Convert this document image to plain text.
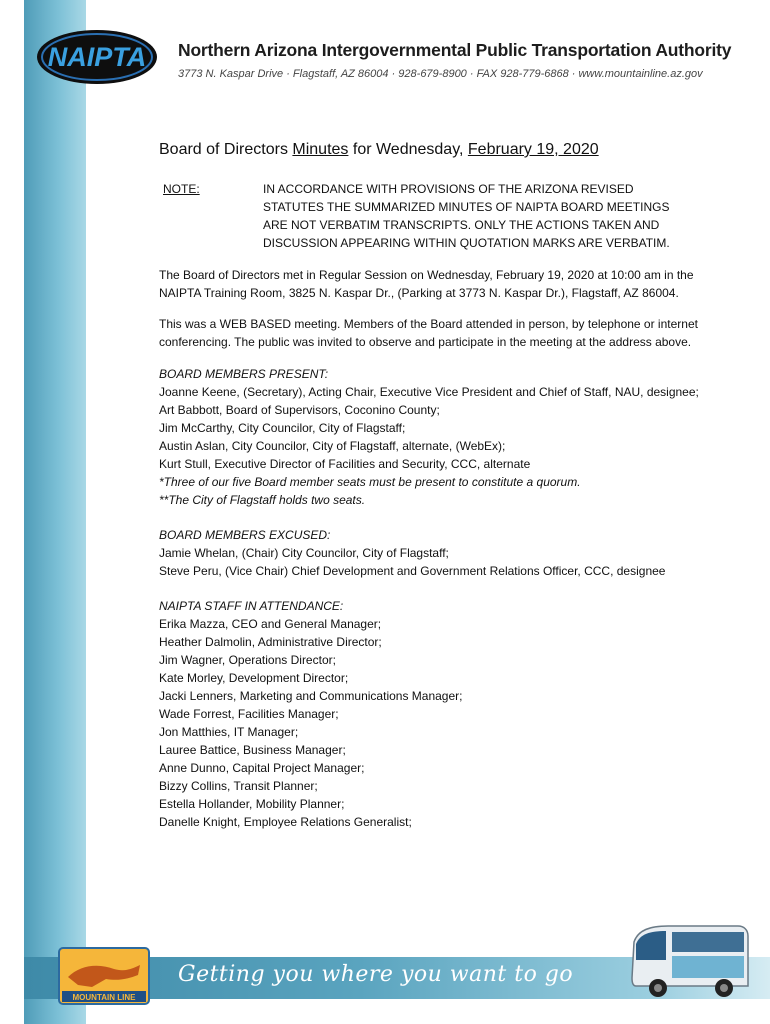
NAIPTA Northern Arizona Intergovernmental Public Transportation Authority
3773 N. Kaspar Drive · Flagstaff, AZ 86004 · 928-679-8900 · FAX 928-779-6868 · www.mountainline.az.gov
Board of Directors Minutes for Wednesday, February 19, 2020
NOTE:	IN ACCORDANCE WITH PROVISIONS OF THE ARIZONA REVISED STATUTES THE SUMMARIZED MINUTES OF NAIPTA BOARD MEETINGS ARE NOT VERBATIM TRANSCRIPTS. ONLY THE ACTIONS TAKEN AND DISCUSSION APPEARING WITHIN QUOTATION MARKS ARE VERBATIM.

The Board of Directors met in Regular Session on Wednesday, February 19, 2020 at 10:00 am in the NAIPTA Training Room, 3825 N. Kaspar Dr., (Parking at 3773 N. Kaspar Dr.), Flagstaff, AZ 86004.

This was a WEB BASED meeting. Members of the Board attended in person, by telephone or internet conferencing. The public was invited to observe and participate in the meeting at the address above.

BOARD MEMBERS PRESENT:
Joanne Keene, (Secretary), Acting Chair, Executive Vice President and Chief of Staff, NAU, designee;
Art Babbott, Board of Supervisors, Coconino County;
Jim McCarthy, City Councilor, City of Flagstaff;
Austin Aslan, City Councilor, City of Flagstaff, alternate, (WebEx);
Kurt Stull, Executive Director of Facilities and Security, CCC, alternate
*Three of our five Board member seats must be present to constitute a quorum.
**The City of Flagstaff holds two seats.
BOARD MEMBERS EXCUSED:
Jamie Whelan, (Chair) City Councilor, City of Flagstaff;
Steve Peru, (Vice Chair) Chief Development and Government Relations Officer, CCC, designee
NAIPTA STAFF IN ATTENDANCE:
Erika Mazza, CEO and General Manager;
Heather Dalmolin, Administrative Director;
Jim Wagner, Operations Director;
Kate Morley, Development Director;
Jacki Lenners, Marketing and Communications Manager;
Wade Forrest, Facilities Manager;
Jon Matthies, IT Manager;
Lauree Battice, Business Manager;
Anne Dunno, Capital Project Manager;
Bizzy Collins, Transit Planner;
Estella Hollander, Mobility Planner;
Danelle Knight, Employee Relations Generalist;
Getting you where you want to go
MOUNTAIN LINE
